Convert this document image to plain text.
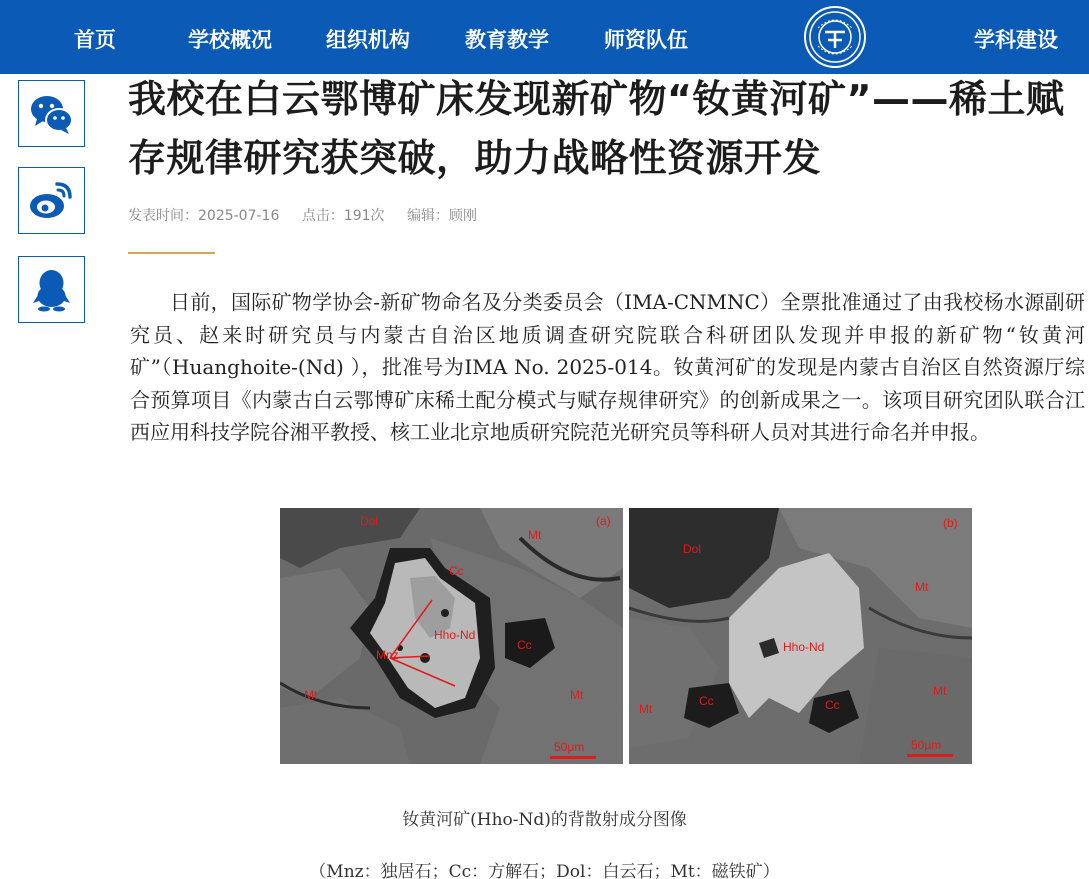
首页	学校概况	组织机构	教育教学	师资队伍	学科建设
我校在白云鄂博矿床发现新矿物“钕黄河矿”——稀土赋存规律研究获突破，助力战略性资源开发
发表时间：2025-07-16 点击：191次 编辑：顾刚

日前，国际矿物学协会-新矿物命名及分类委员会（IMA-CNMNC）全票批准通过了由我校杨水源副研究员、赵来时研究员与内蒙古自治区地质调查研究院联合科研团队发现并申报的新矿物“钕黄河矿”（Huanghoite-(Nd) ），批准号为IMA No. 2025-014。钕黄河矿的发现是内蒙古自治区自然资源厅综合预算项目《内蒙古白云鄂博矿床稀土配分模式与赋存规律研究》的创新成果之一。该项目研究团队联合江西应用科技学院谷湘平教授、核工业北京地质研究院范光研究员等科研人员对其进行命名并申报。

Dol
Mt
(a)
Cc
Hho-Nd
Cc
Mnz
Mt	Mt
50μm
Dol
Mt
(b)
Hho-Nd
Cc
Mt	Cc
Mt
50μm
钕黄河矿(Hho-Nd)的背散射成分图像
（Mnz：独居石；Cc：方解石；Dol：白云石；Mt：磁铁矿）
